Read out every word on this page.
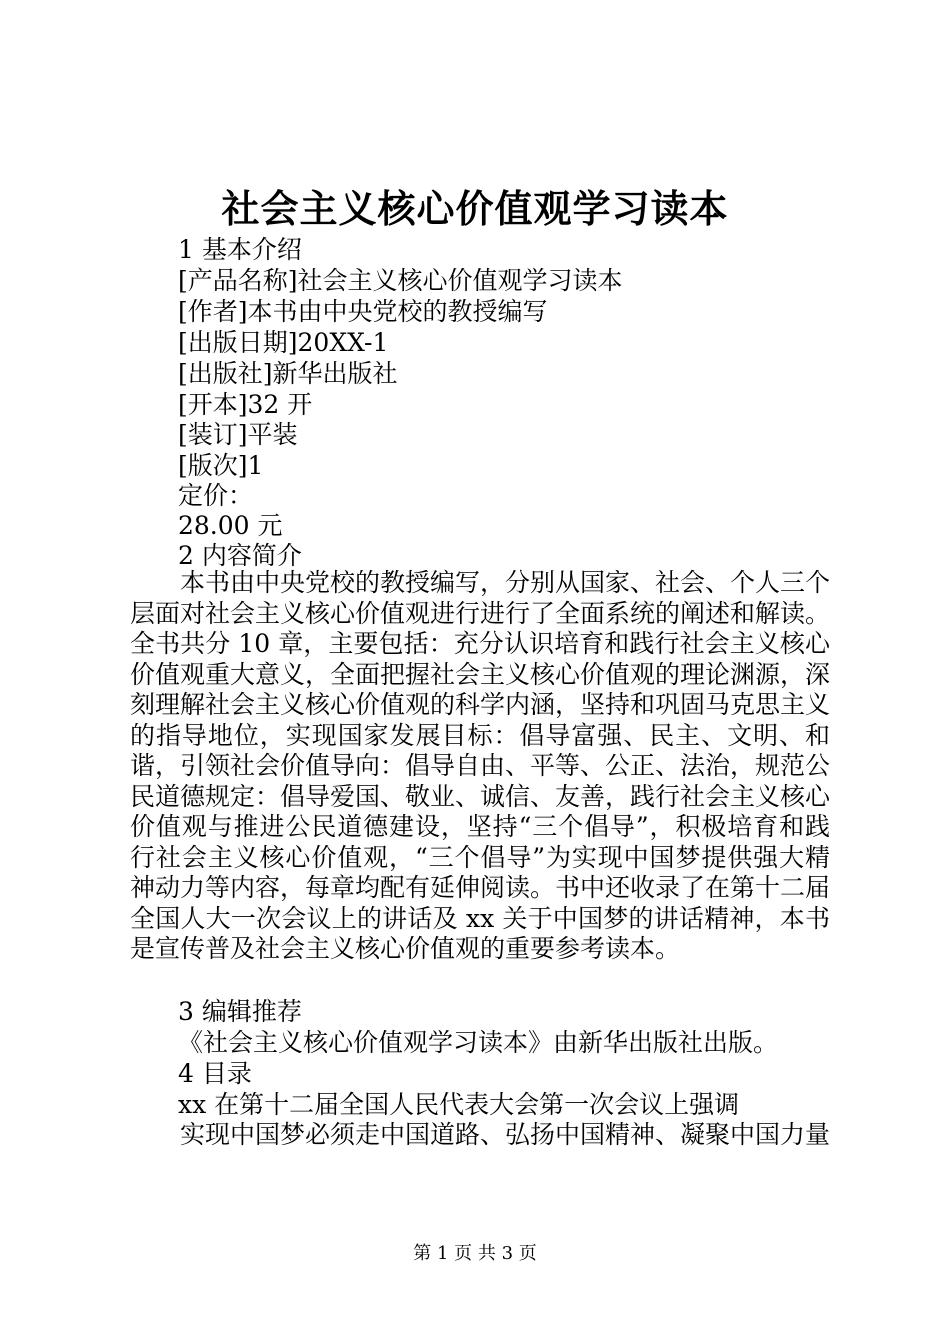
社会主义核心价值观学习读本
1 基本介绍
[产品名称]社会主义核心价值观学习读本
[作者]本书由中央党校的教授编写
[出版日期]20XX-1
[出版社]新华出版社
[开本]32 开
[装订]平装
[版次]1
定价：
28.00 元
2 内容简介
本书由中央党校的教授编写，分别从国家、社会、个人三个层面对社会主义核心价值观进行进行了全面系统的阐述和解读。全书共分 10 章，主要包括：充分认识培育和践行社会主义核心价值观重大意义，全面把握社会主义核心价值观的理论渊源，深刻理解社会主义核心价值观的科学内涵，坚持和巩固马克思主义的指导地位，实现国家发展目标：倡导富强、民主、文明、和谐，引领社会价值导向：倡导自由、平等、公正、法治，规范公民道德规定：倡导爱国、敬业、诚信、友善，践行社会主义核心价值观与推进公民道德建设，坚持“三个倡导”，积极培育和践行社会主义核心价值观，“三个倡导”为实现中国梦提供强大精神动力等内容，每章均配有延伸阅读。书中还收录了在第十二届全国人大一次会议上的讲话及 xx 关于中国梦的讲话精神，本书是宣传普及社会主义核心价值观的重要参考读本。
3 编辑推荐
《社会主义核心价值观学习读本》由新华出版社出版。
4 目录
xx 在第十二届全国人民代表大会第一次会议上强调
实现中国梦必须走中国道路、弘扬中国精神、凝聚中国力量
第 1 页 共 3 页
